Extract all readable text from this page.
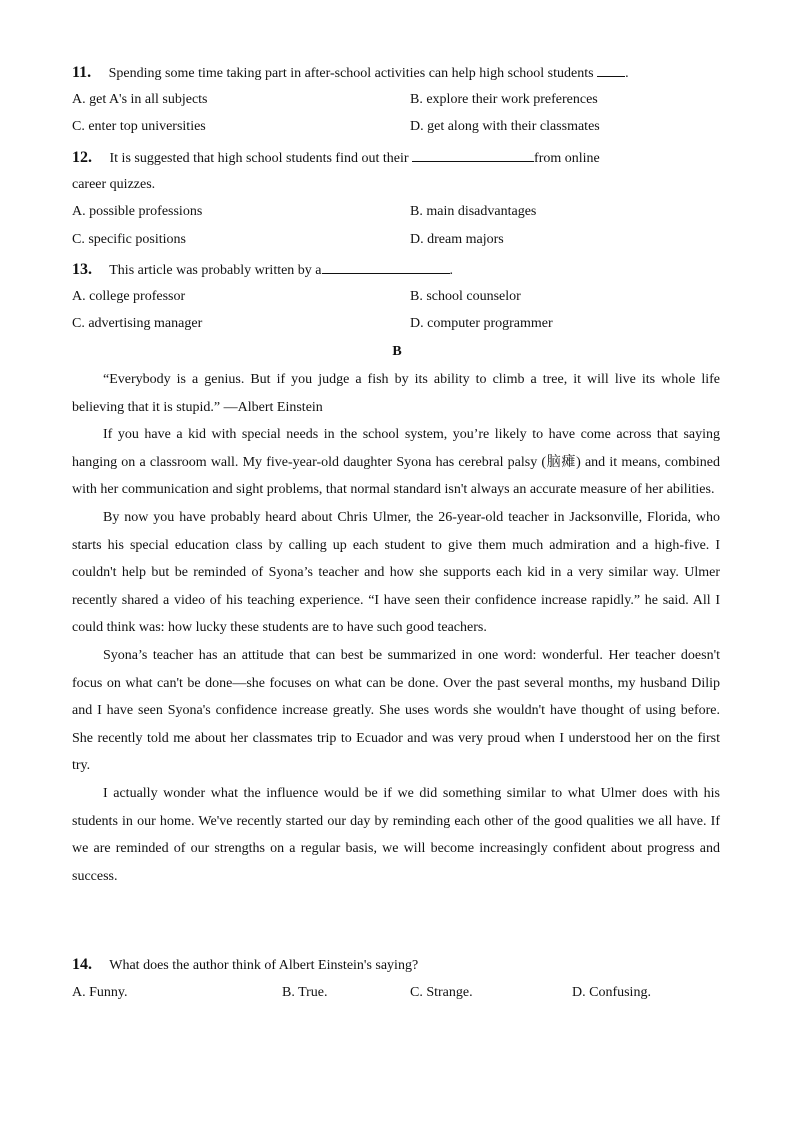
11. Spending some time taking part in after-school activities can help high school students .
A. get A's in all subjects	B. explore their work preferences
C. enter top universities	D. get along with their classmates
12. It is suggested that high school students find out their	from online
career quizzes.
A. possible professions	B. main disadvantages
C. specific positions	D. dream majors
13. This article was probably written by a	.
A. college professor	B. school counselor
C. advertising manager	D. computer programmer
B

“Everybody is a genius. But if you judge a fish by its ability to climb a tree, it will live its whole life believing that it is stupid.” —Albert Einstein

If you have a kid with special needs in the school system, you’re likely to have come across that saying hanging on a classroom wall. My five-year-old daughter Syona has cerebral palsy (脑瘫) and it means, combined with her communication and sight problems, that normal standard isn't always an accurate measure of her abilities.

By now you have probably heard about Chris Ulmer, the 26-year-old teacher in Jacksonville, Florida, who starts his special education class by calling up each student to give them much admiration and a high-five. I couldn't help but be reminded of Syona’s teacher and how she supports each kid in a very similar way. Ulmer recently shared a video of his teaching experience. “I have seen their confidence increase rapidly.” he said. All I could think was: how lucky these students are to have such good teachers.

Syona’s teacher has an attitude that can best be summarized in one word: wonderful. Her teacher doesn't focus on what can't be done—she focuses on what can be done. Over the past several months, my husband Dilip and I have seen Syona's confidence increase greatly. She uses words she wouldn't have thought of using before. She recently told me about her classmates trip to Ecuador and was very proud when I understood her on the first try.

I actually wonder what the influence would be if we did something similar to what Ulmer does with his students in our home. We've recently started our day by reminding each other of the good qualities we all have. If we are reminded of our strengths on a regular basis, we will become increasingly confident about progress and success.

14. What does the author think of Albert Einstein's saying?
A. Funny.	B. True.	C. Strange.	D. Confusing.
